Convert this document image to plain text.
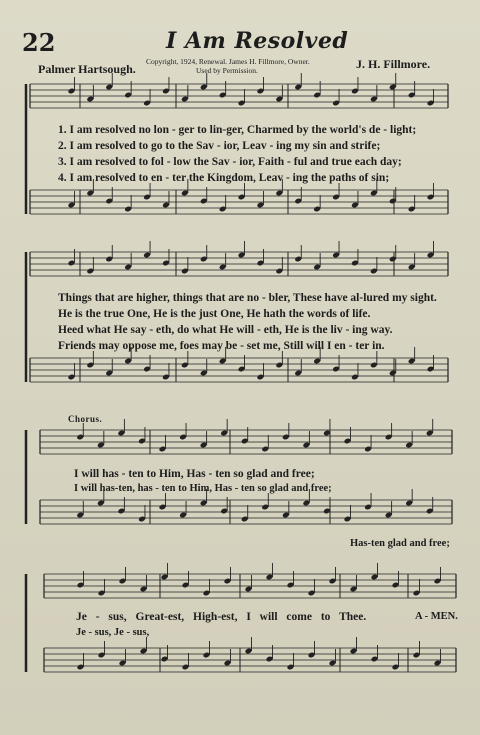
22	I Am Resolved
Palmer Hartsough.
Copyright, 1924, Renewal. James H. Fillmore, Owner.
Used by Permission.	J. H. Fillmore.
1. I am resolved no lon - ger to lin-ger, Charmed by the world's de - light;
2. I am resolved to go to the Sav - ior, Leav - ing my sin and strife;
3. I am resolved to fol - low the Sav - ior, Faith - ful and true each day;
4. I am resolved to en - ter the Kingdom, Leav - ing the paths of sin;
Things that are higher, things that are no - bler, These have al-lured my sight.
He is the true One, He is the just One, He hath the words of life.
Heed what He say - eth, do what He will - eth, He is the liv - ing way.
Friends may oppose me, foes may be - set me, Still will I en - ter in.
Chorus.
I will has - ten to Him, Has - ten so glad and free;
I will has-ten, has - ten to Him, Has - ten so glad and free;
Has-ten glad and free;
Je - sus, Great-est, High-est, I will come to Thee.	A - MEN.
Je - sus, Je - sus,
